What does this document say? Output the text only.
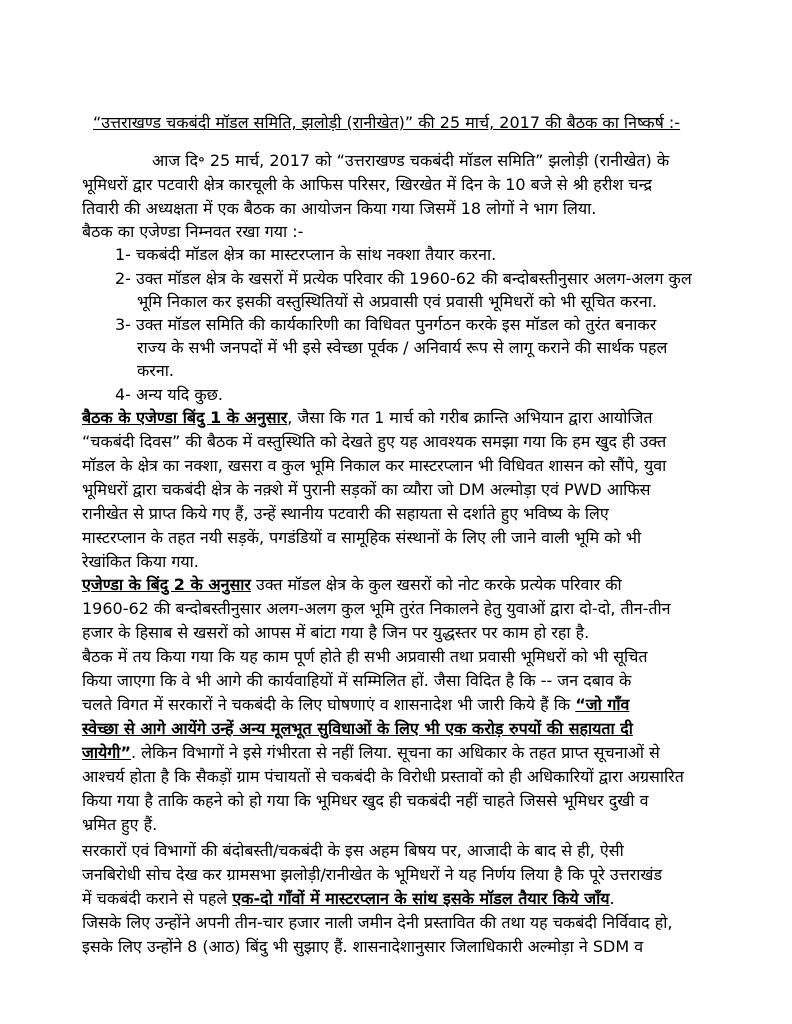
“उत्तराखण्ड चकबंदी मॉडल समिति, झलोड़ी (रानीखेत)” की 25 मार्च, 2017 की बैठक का निष्कर्ष :-
आज दि॰ 25 मार्च, 2017 को “उत्तराखण्ड चकबंदी मॉडल समिति” झलोड़ी (रानीखेत) के
भूमिधरों द्वार पटवारी क्षेत्र कारचूली के आफिस परिसर, खिरखेत में दिन के 10 बजे से श्री हरीश चन्द्र
तिवारी की अध्यक्षता में एक बैठक का आयोजन किया गया जिसमें 18 लोगों ने भाग लिया.
बैठक का एजेण्डा निम्नवत रखा गया :-
1- चकबंदी मॉडल क्षेत्र का मास्टरप्लान के सांथ नक्शा तैयार करना.
2- उक्त मॉडल क्षेत्र के खसरों में प्रत्येक परिवार की 1960-62 की बन्दोबस्तीनुसार अलग-अलग कुल
भूमि निकाल कर इसकी वस्तुस्थितियों से अप्रवासी एवं प्रवासी भूमिधरों को भी सूचित करना.
3- उक्त मॉडल समिति की कार्यकारिणी का विधिवत पुनर्गठन करके इस मॉडल को तुरंत बनाकर
राज्य के सभी जनपदों में भी इसे स्वेच्छा पूर्वक / अनिवार्य रूप से लागू कराने की सार्थक पहल
करना.
4- अन्य यदि कुछ.
बैठक के एजेण्डा बिंदु 1 के अनुसार, जैसा कि गत 1 मार्च को गरीब क्रान्ति अभियान द्वारा आयोजित
“चकबंदी दिवस” की बैठक में वस्तुस्थिति को देखते हुए यह आवश्यक समझा गया कि हम खुद ही उक्त
मॉडल के क्षेत्र का नक्शा, खसरा व कुल भूमि निकाल कर मास्टरप्लान भी विधिवत शासन को सौंपे, युवा
भूमिधरों द्वारा चकबंदी क्षेत्र के नक़्शे में पुरानी सड़कों का व्यौरा जो DM अल्मोड़ा एवं PWD आफिस
रानीखेत से प्राप्त किये गए हैं, उन्हें स्थानीय पटवारी की सहायता से दर्शाते हुए भविष्य के लिए
मास्टरप्लान के तहत नयी सड़कें, पगडंडियों व सामूहिक संस्थानों के लिए ली जाने वाली भूमि को भी
रेखांकित किया गया.
एजेण्डा के बिंदु 2 के अनुसार उक्त मॉडल क्षेत्र के कुल खसरों को नोट करके प्रत्येक परिवार की
1960-62 की बन्दोबस्तीनुसार अलग-अलग कुल भूमि तुरंत निकालने हेतु युवाओं द्वारा दो-दो, तीन-तीन
हजार के हिसाब से खसरों को आपस में बांटा गया है जिन पर युद्धस्तर पर काम हो रहा है.
बैठक में तय किया गया कि यह काम पूर्ण होते ही सभी अप्रवासी तथा प्रवासी भूमिधरों को भी सूचित
किया जाएगा कि वे भी आगे की कार्यवाहियों में सम्मिलित हों. जैसा विदित है कि -- जन दबाव के
चलते विगत में सरकारों ने चकबंदी के लिए घोषणाएं व शासनादेश भी जारी किये हैं कि “जो गाँव
स्वेच्छा से आगे आयेंगे उन्हें अन्य मूलभूत सुविधाओं के लिए भी एक करोड़ रुपयों की सहायता दी
जायेगी”. लेकिन विभागों ने इसे गंभीरता से नहीं लिया. सूचना का अधिकार के तहत प्राप्त सूचनाओं से
आश्चर्य होता है कि सैकड़ों ग्राम पंचायतों से चकबंदी के विरोधी प्रस्तावों को ही अधिकारियों द्वारा अग्रसारित
किया गया है ताकि कहने को हो गया कि भूमिधर खुद ही चकबंदी नहीं चाहते जिससे भूमिधर दुखी व
भ्रमित हुए हैं.
सरकारों एवं विभागों की बंदोबस्ती/चकबंदी के इस अहम बिषय पर, आजादी के बाद से ही, ऐसी
जनबिरोधी सोच देख कर ग्रामसभा झलोड़ी/रानीखेत के भूमिधरों ने यह निर्णय लिया है कि पूरे उत्तराखंड
में चकबंदी कराने से पहले एक-दो गाँवों में मास्टरप्लान के सांथ इसके मॉडल तैयार किये जाँय.
जिसके लिए उन्होंने अपनी तीन-चार हजार नाली जमीन देनी प्रस्तावित की तथा यह चकबंदी निर्विवाद हो,
इसके लिए उन्होंने 8 (आठ) बिंदु भी सुझाए हैं. शासनादेशानुसार जिलाधिकारी अल्मोड़ा ने SDM व
